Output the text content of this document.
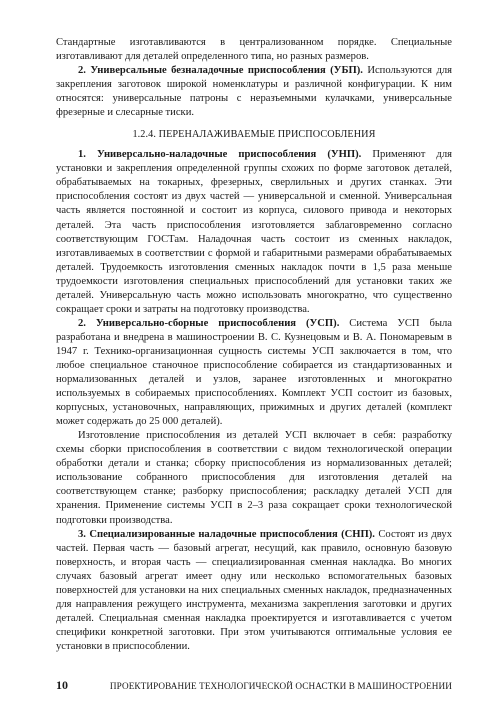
Стандартные изготавливаются в централизованном порядке. Специальные изготавливают для деталей определенного типа, но разных размеров.

2. Универсальные безналадочные приспособления (УБП). Используются для закрепления заготовок широкой номенклатуры и различной конфигурации. К ним относятся: универсальные патроны с неразъемными кулачками, универсальные фрезерные и слесарные тиски.

1.2.4. ПЕРЕНАЛАЖИВАЕМЫЕ ПРИСПОСОБЛЕНИЯ

1. Универсально-наладочные приспособления (УНП). Применяют для установки и закрепления определенной группы схожих по форме заготовок деталей, обрабатываемых на токарных, фрезерных, сверлильных и других станках. Эти приспособления состоят из двух частей — универсальной и сменной. Универсальная часть является постоянной и состоит из корпуса, силового привода и некоторых деталей. Эта часть приспособления изготовляется заблаговременно согласно соответствующим ГОСТам. Наладочная часть состоит из сменных накладок, изготавливаемых в соответствии с формой и габаритными размерами обрабатываемых деталей. Трудоемкость изготовления сменных накладок почти в 1,5 раза меньше трудоемкости изготовления специальных приспособлений для установки таких же деталей. Универсальную часть можно использовать многократно, что существенно сокращает сроки и затраты на подготовку производства.

2. Универсально-сборные приспособления (УСП). Система УСП была разработана и внедрена в машиностроении В. С. Кузнецовым и В. А. Пономаревым в 1947 г. Технико-организационная сущность системы УСП заключается в том, что любое специальное станочное приспособление собирается из стандартизованных и нормализованных деталей и узлов, заранее изготовленных и многократно используемых в собираемых приспособлениях. Комплект УСП состоит из базовых, корпусных, установочных, направляющих, прижимных и других деталей (комплект может содержать до 25 000 деталей).

Изготовление приспособления из деталей УСП включает в себя: разработку схемы сборки приспособления в соответствии с видом технологической операции обработки детали и станка; сборку приспособления из нормализованных деталей; использование собранного приспособления для изготовления деталей на соответствующем станке; разборку приспособления; раскладку деталей УСП для хранения. Применение системы УСП в 2–3 раза сокращает сроки технологической подготовки производства.

3. Специализированные наладочные приспособления (СНП). Состоят из двух частей. Первая часть — базовый агрегат, несущий, как правило, основную базовую поверхность, и вторая часть — специализированная сменная накладка. Во многих случаях базовый агрегат имеет одну или несколько вспомогательных базовых поверхностей для установки на них специальных сменных накладок, предназначенных для направления режущего инструмента, механизма закрепления заготовки и других деталей. Специальная сменная накладка проектируется и изготавливается с учетом специфики конкретной заготовки. При этом учитываются оптимальные условия ее установки в приспособлении.

10	ПРОЕКТИРОВАНИЕ ТЕХНОЛОГИЧЕСКОЙ ОСНАСТКИ В МАШИНОСТРОЕНИИ
